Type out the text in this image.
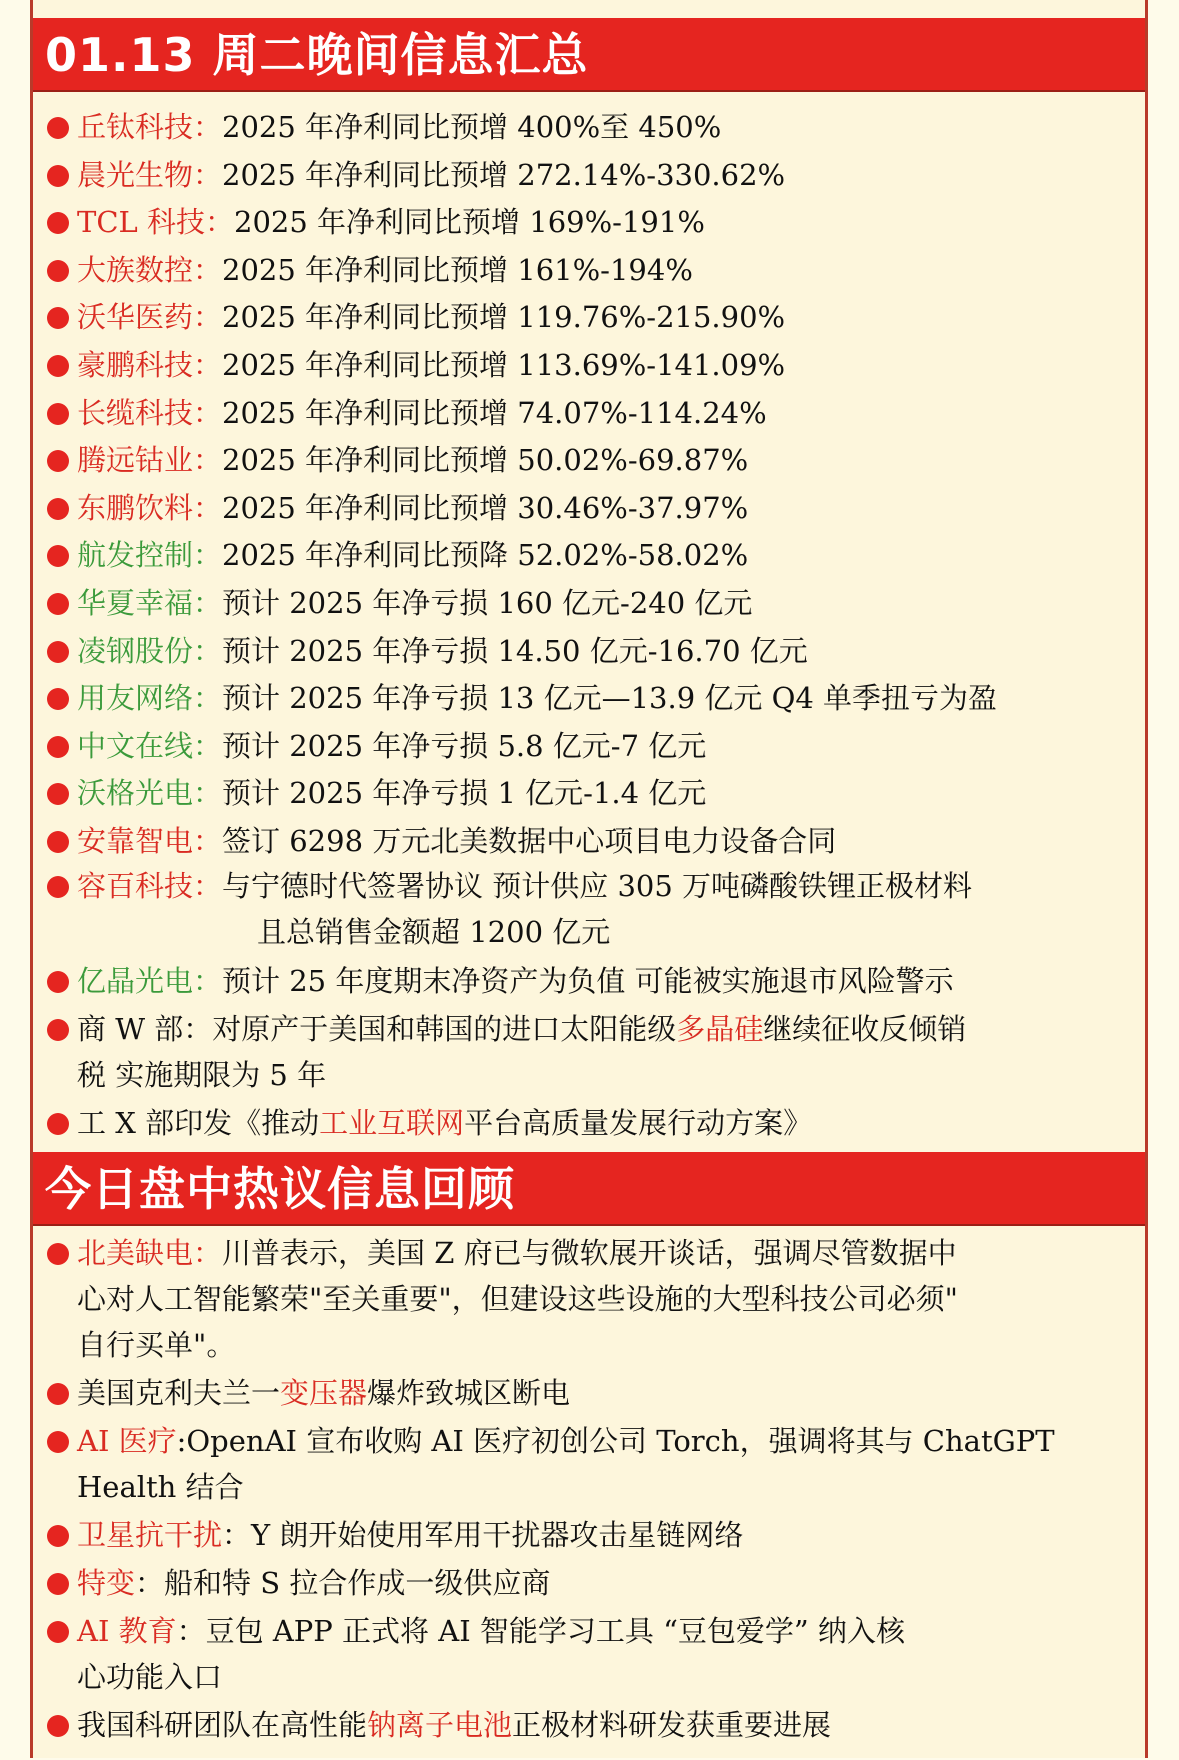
01.13 周二晚间信息汇总
丘钛科技：2025 年净利同比预增 400%至 450%
晨光生物：2025 年净利同比预增 272.14%-330.62%
TCL 科技：2025 年净利同比预增 169%-191%
大族数控：2025 年净利同比预增 161%-194%
沃华医药：2025 年净利同比预增 119.76%-215.90%
豪鹏科技：2025 年净利同比预增 113.69%-141.09%
长缆科技：2025 年净利同比预增 74.07%-114.24%
腾远钴业：2025 年净利同比预增 50.02%-69.87%
东鹏饮料：2025 年净利同比预增 30.46%-37.97%
航发控制：2025 年净利同比预降 52.02%-58.02%
华夏幸福：预计 2025 年净亏损 160 亿元-240 亿元
凌钢股份：预计 2025 年净亏损 14.50 亿元-16.70 亿元
用友网络：预计 2025 年净亏损 13 亿元—13.9 亿元 Q4 单季扭亏为盈
中文在线：预计 2025 年净亏损 5.8 亿元-7 亿元
沃格光电：预计 2025 年净亏损 1 亿元-1.4 亿元
安靠智电：签订 6298 万元北美数据中心项目电力设备合同
容百科技：与宁德时代签署协议 预计供应 305 万吨磷酸铁锂正极材料
且总销售金额超 1200 亿元
亿晶光电：预计 25 年度期末净资产为负值 可能被实施退市风险警示
商 W 部：对原产于美国和韩国的进口太阳能级多晶硅继续征收反倾销
税 实施期限为 5 年
工 X 部印发《推动工业互联网平台高质量发展行动方案》
今日盘中热议信息回顾
北美缺电：川普表示，美国 Z 府已与微软展开谈话，强调尽管数据中
心对人工智能繁荣"至关重要"，但建设这些设施的大型科技公司必须"
自行买单"。
美国克利夫兰一变压器爆炸致城区断电
AI 医疗:OpenAI 宣布收购 AI 医疗初创公司 Torch，强调将其与 ChatGPT
Health 结合
卫星抗干扰：Y 朗开始使用军用干扰器攻击星链网络
特变：船和特 S 拉合作成一级供应商
AI 教育：豆包 APP 正式将 AI 智能学习工具 “豆包爱学” 纳入核
心功能入口
我国科研团队在高性能钠离子电池正极材料研发获重要进展
